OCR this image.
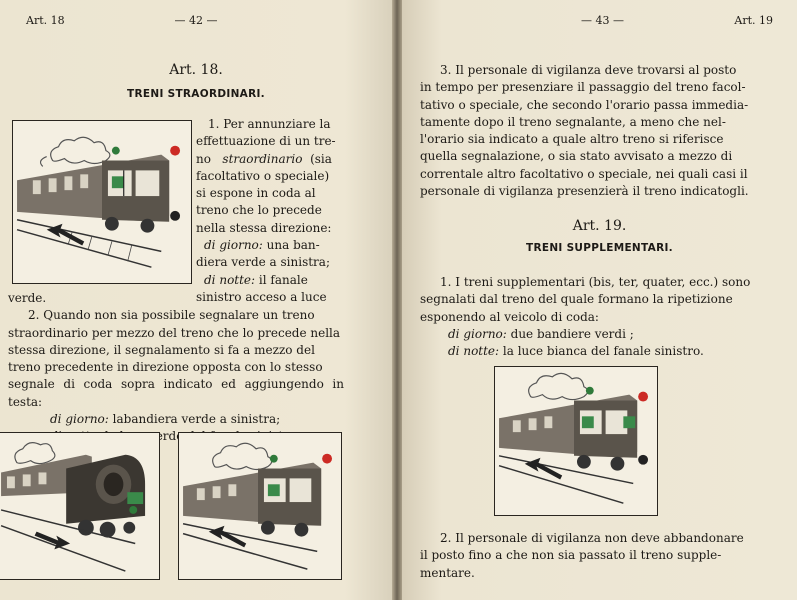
Art. 18	— 42 —
Art. 18.
TRENI STRAORDINARI.

1. Per annunziare la

effettuazione di un tre-

no straordinario (sia

facoltativo o speciale)

si espone in coda al

treno che lo precede

nella stessa direzione:

di giorno: una ban-

diera verde a sinistra;

di notte: il fanale

sinistro acceso a luce

verde.

2. Quando non sia possibile segnalare un treno

straordinario per mezzo del treno che lo precede nella

stessa direzione, il segnalamento si fa a mezzo del

treno precedente in direzione opposta con lo stesso

segnale di coda sopra indicato ed aggiungendo in testa:

di giorno: labandiera verde a sinistra;

verde

— 43 —	Art. 19

3. Il personale di vigilanza deve trovarsi al posto

in tempo per presenziare il passaggio del treno facol-

tativo o speciale, che secondo l'orario passa immedia-

tamente dopo il treno segnalante, a meno che nel-

l'orario sia indicato a quale altro treno si riferisce

quella segnalazione, o sia stato avvisato a mezzo di

correntale altro facoltativo o speciale, nei quali casi il

personale di vigilanza presenzierà il treno indicatogli.

Art. 19.
TRENI SUPPLEMENTARI.

1. I treni supplementari (bis, ter, quater, ecc.) sono

segnalati dal treno del quale formano la ripetizione

esponendo al veicolo di coda:

di giorno: due bandiere verdi ;

di notte: la luce bianca del fanale sinistro.

2. Il personale di vigilanza non deve abbandonare

il posto fino a che non sia passato il treno supple-

mentare.
